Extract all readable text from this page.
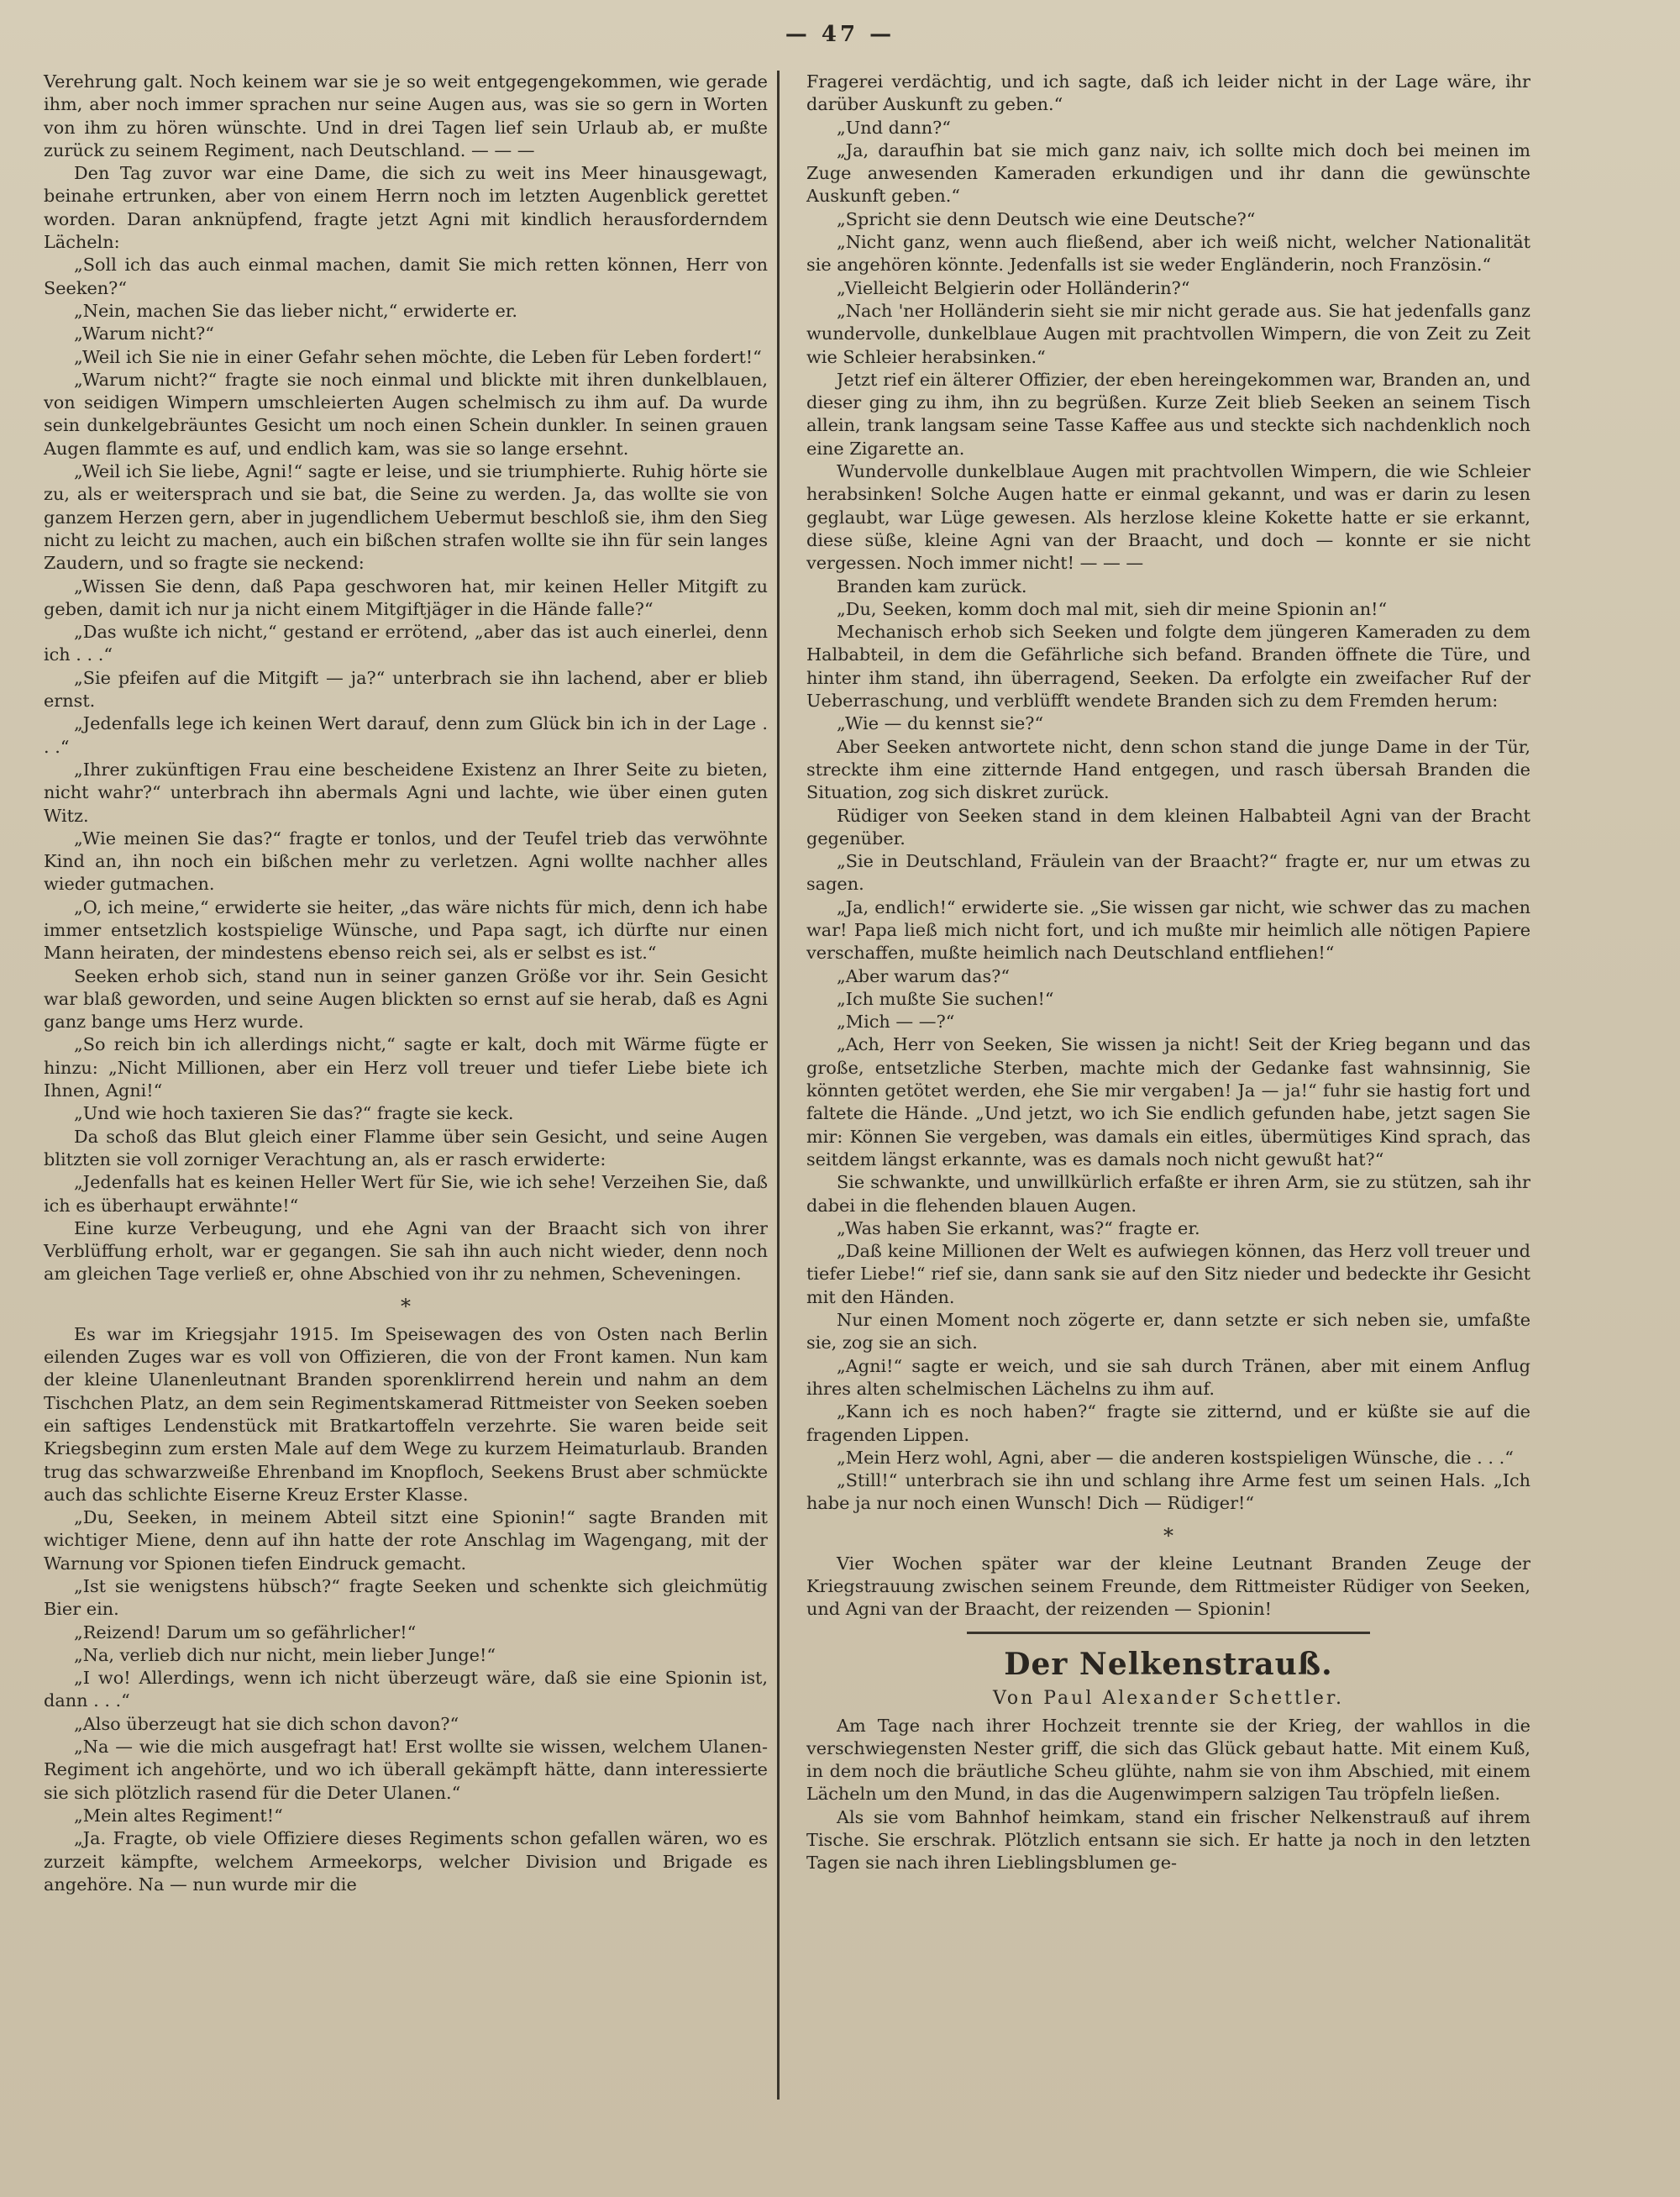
— 47 —

Verehrung galt. Noch keinem war sie je so weit entgegengekommen, wie gerade ihm, aber noch immer sprachen nur seine Augen aus, was sie so gern in Worten von ihm zu hören wünschte. Und in drei Tagen lief sein Urlaub ab, er mußte zurück zu seinem Regiment, nach Deutschland. — — —

Den Tag zuvor war eine Dame, die sich zu weit ins Meer hinausgewagt, beinahe ertrunken, aber von einem Herrn noch im letzten Augenblick gerettet worden. Daran anknüpfend, fragte jetzt Agni mit kindlich herausforderndem Lächeln:

„Soll ich das auch einmal machen, damit Sie mich retten können, Herr von Seeken?“

„Nein, machen Sie das lieber nicht,“ erwiderte er.

„Warum nicht?“

„Weil ich Sie nie in einer Gefahr sehen möchte, die Leben für Leben fordert!“

„Warum nicht?“ fragte sie noch einmal und blickte mit ihren dunkelblauen, von seidigen Wimpern umschleierten Augen schelmisch zu ihm auf. Da wurde sein dunkelgebräuntes Gesicht um noch einen Schein dunkler. In seinen grauen Augen flammte es auf, und endlich kam, was sie so lange ersehnt.

„Weil ich Sie liebe, Agni!“ sagte er leise, und sie triumphierte. Ruhig hörte sie zu, als er weitersprach und sie bat, die Seine zu werden. Ja, das wollte sie von ganzem Herzen gern, aber in jugendlichem Uebermut beschloß sie, ihm den Sieg nicht zu leicht zu machen, auch ein bißchen strafen wollte sie ihn für sein langes Zaudern, und so fragte sie neckend:

„Wissen Sie denn, daß Papa geschworen hat, mir keinen Heller Mitgift zu geben, damit ich nur ja nicht einem Mitgiftjäger in die Hände falle?“

„Das wußte ich nicht,“ gestand er errötend, „aber das ist auch einerlei, denn ich . . .“

„Sie pfeifen auf die Mitgift — ja?“ unterbrach sie ihn lachend, aber er blieb ernst.

„Jedenfalls lege ich keinen Wert darauf, denn zum Glück bin ich in der Lage . . .“

„Ihrer zukünftigen Frau eine bescheidene Existenz an Ihrer Seite zu bieten, nicht wahr?“ unterbrach ihn abermals Agni und lachte, wie über einen guten Witz.

„Wie meinen Sie das?“ fragte er tonlos, und der Teufel trieb das verwöhnte Kind an, ihn noch ein bißchen mehr zu verletzen. Agni wollte nachher alles wieder gutmachen.

„O, ich meine,“ erwiderte sie heiter, „das wäre nichts für mich, denn ich habe immer entsetzlich kostspielige Wünsche, und Papa sagt, ich dürfte nur einen Mann heiraten, der mindestens ebenso reich sei, als er selbst es ist.“

Seeken erhob sich, stand nun in seiner ganzen Größe vor ihr. Sein Gesicht war blaß geworden, und seine Augen blickten so ernst auf sie herab, daß es Agni ganz bange ums Herz wurde.

„So reich bin ich allerdings nicht,“ sagte er kalt, doch mit Wärme fügte er hinzu: „Nicht Millionen, aber ein Herz voll treuer und tiefer Liebe biete ich Ihnen, Agni!“

„Und wie hoch taxieren Sie das?“ fragte sie keck.

Da schoß das Blut gleich einer Flamme über sein Gesicht, und seine Augen blitzten sie voll zorniger Verachtung an, als er rasch erwiderte:

„Jedenfalls hat es keinen Heller Wert für Sie, wie ich sehe! Verzeihen Sie, daß ich es überhaupt erwähnte!“

Eine kurze Verbeugung, und ehe Agni van der Braacht sich von ihrer Verblüffung erholt, war er gegangen. Sie sah ihn auch nicht wieder, denn noch am gleichen Tage verließ er, ohne Abschied von ihr zu nehmen, Scheveningen.

*

Es war im Kriegsjahr 1915. Im Speisewagen des von Osten nach Berlin eilenden Zuges war es voll von Offizieren, die von der Front kamen. Nun kam der kleine Ulanenleutnant Branden sporenklirrend herein und nahm an dem Tischchen Platz, an dem sein Regimentskamerad Rittmeister von Seeken soeben ein saftiges Lendenstück mit Bratkartoffeln verzehrte. Sie waren beide seit Kriegsbeginn zum ersten Male auf dem Wege zu kurzem Heimaturlaub. Branden trug das schwarzweiße Ehrenband im Knopfloch, Seekens Brust aber schmückte auch das schlichte Eiserne Kreuz Erster Klasse.

„Du, Seeken, in meinem Abteil sitzt eine Spionin!“ sagte Branden mit wichtiger Miene, denn auf ihn hatte der rote Anschlag im Wagengang, mit der Warnung vor Spionen tiefen Eindruck gemacht.

„Ist sie wenigstens hübsch?“ fragte Seeken und schenkte sich gleichmütig Bier ein.

„Reizend! Darum um so gefährlicher!“

„Na, verlieb dich nur nicht, mein lieber Junge!“

„I wo! Allerdings, wenn ich nicht überzeugt wäre, daß sie eine Spionin ist, dann . . .“

„Also überzeugt hat sie dich schon davon?“

„Na — wie die mich ausgefragt hat! Erst wollte sie wissen, welchem Ulanen-Regiment ich angehörte, und wo ich überall gekämpft hätte, dann interessierte sie sich plötzlich rasend für die Deter Ulanen.“

„Mein altes Regiment!“

„Ja. Fragte, ob viele Offiziere dieses Regiments schon gefallen wären, wo es zurzeit kämpfte, welchem Armeekorps, welcher Division und Brigade es angehöre. Na — nun wurde mir die

Fragerei verdächtig, und ich sagte, daß ich leider nicht in der Lage wäre, ihr darüber Auskunft zu geben.“

„Und dann?“

„Ja, daraufhin bat sie mich ganz naiv, ich sollte mich doch bei meinen im Zuge anwesenden Kameraden erkundigen und ihr dann die gewünschte Auskunft geben.“

„Spricht sie denn Deutsch wie eine Deutsche?“

„Nicht ganz, wenn auch fließend, aber ich weiß nicht, welcher Nationalität sie angehören könnte. Jedenfalls ist sie weder Engländerin, noch Französin.“

„Vielleicht Belgierin oder Holländerin?“

„Nach 'ner Holländerin sieht sie mir nicht gerade aus. Sie hat jedenfalls ganz wundervolle, dunkelblaue Augen mit prachtvollen Wimpern, die von Zeit zu Zeit wie Schleier herabsinken.“

Jetzt rief ein älterer Offizier, der eben hereingekommen war, Branden an, und dieser ging zu ihm, ihn zu begrüßen. Kurze Zeit blieb Seeken an seinem Tisch allein, trank langsam seine Tasse Kaffee aus und steckte sich nachdenklich noch eine Zigarette an.

Wundervolle dunkelblaue Augen mit prachtvollen Wimpern, die wie Schleier herabsinken! Solche Augen hatte er einmal gekannt, und was er darin zu lesen geglaubt, war Lüge gewesen. Als herzlose kleine Kokette hatte er sie erkannt, diese süße, kleine Agni van der Braacht, und doch — konnte er sie nicht vergessen. Noch immer nicht! — — —

Branden kam zurück.

„Du, Seeken, komm doch mal mit, sieh dir meine Spionin an!“

Mechanisch erhob sich Seeken und folgte dem jüngeren Kameraden zu dem Halbabteil, in dem die Gefährliche sich befand. Branden öffnete die Türe, und hinter ihm stand, ihn überragend, Seeken. Da erfolgte ein zweifacher Ruf der Ueberraschung, und verblüfft wendete Branden sich zu dem Fremden herum:

„Wie — du kennst sie?“

Aber Seeken antwortete nicht, denn schon stand die junge Dame in der Tür, streckte ihm eine zitternde Hand entgegen, und rasch übersah Branden die Situation, zog sich diskret zurück.

Rüdiger von Seeken stand in dem kleinen Halbabteil Agni van der Bracht gegenüber.

„Sie in Deutschland, Fräulein van der Braacht?“ fragte er, nur um etwas zu sagen.

„Ja, endlich!“ erwiderte sie. „Sie wissen gar nicht, wie schwer das zu machen war! Papa ließ mich nicht fort, und ich mußte mir heimlich alle nötigen Papiere verschaffen, mußte heimlich nach Deutschland entfliehen!“

„Aber warum das?“

„Ich mußte Sie suchen!“

„Mich — —?“

„Ach, Herr von Seeken, Sie wissen ja nicht! Seit der Krieg begann und das große, entsetzliche Sterben, machte mich der Gedanke fast wahnsinnig, Sie könnten getötet werden, ehe Sie mir vergaben! Ja — ja!“ fuhr sie hastig fort und faltete die Hände. „Und jetzt, wo ich Sie endlich gefunden habe, jetzt sagen Sie mir: Können Sie vergeben, was damals ein eitles, übermütiges Kind sprach, das seitdem längst erkannte, was es damals noch nicht gewußt hat?“

Sie schwankte, und unwillkürlich erfaßte er ihren Arm, sie zu stützen, sah ihr dabei in die flehenden blauen Augen.

„Was haben Sie erkannt, was?“ fragte er.

„Daß keine Millionen der Welt es aufwiegen können, das Herz voll treuer und tiefer Liebe!“ rief sie, dann sank sie auf den Sitz nieder und bedeckte ihr Gesicht mit den Händen.

Nur einen Moment noch zögerte er, dann setzte er sich neben sie, umfaßte sie, zog sie an sich.

„Agni!“ sagte er weich, und sie sah durch Tränen, aber mit einem Anflug ihres alten schelmischen Lächelns zu ihm auf.

„Kann ich es noch haben?“ fragte sie zitternd, und er küßte sie auf die fragenden Lippen.

„Mein Herz wohl, Agni, aber — die anderen kostspieligen Wünsche, die . . .“

„Still!“ unterbrach sie ihn und schlang ihre Arme fest um seinen Hals. „Ich habe ja nur noch einen Wunsch! Dich — Rüdiger!“

*

Vier Wochen später war der kleine Leutnant Branden Zeuge der Kriegstrauung zwischen seinem Freunde, dem Rittmeister Rüdiger von Seeken, und Agni van der Braacht, der reizenden — Spionin!

Der Nelkenstrauß.
Von Paul Alexander Schettler.

Am Tage nach ihrer Hochzeit trennte sie der Krieg, der wahllos in die verschwiegensten Nester griff, die sich das Glück gebaut hatte. Mit einem Kuß, in dem noch die bräutliche Scheu glühte, nahm sie von ihm Abschied, mit einem Lächeln um den Mund, in das die Augenwimpern salzigen Tau tröpfeln ließen.

Als sie vom Bahnhof heimkam, stand ein frischer Nelkenstrauß auf ihrem Tische. Sie erschrak. Plötzlich entsann sie sich. Er hatte ja noch in den letzten Tagen sie nach ihren Lieblingsblumen ge-
